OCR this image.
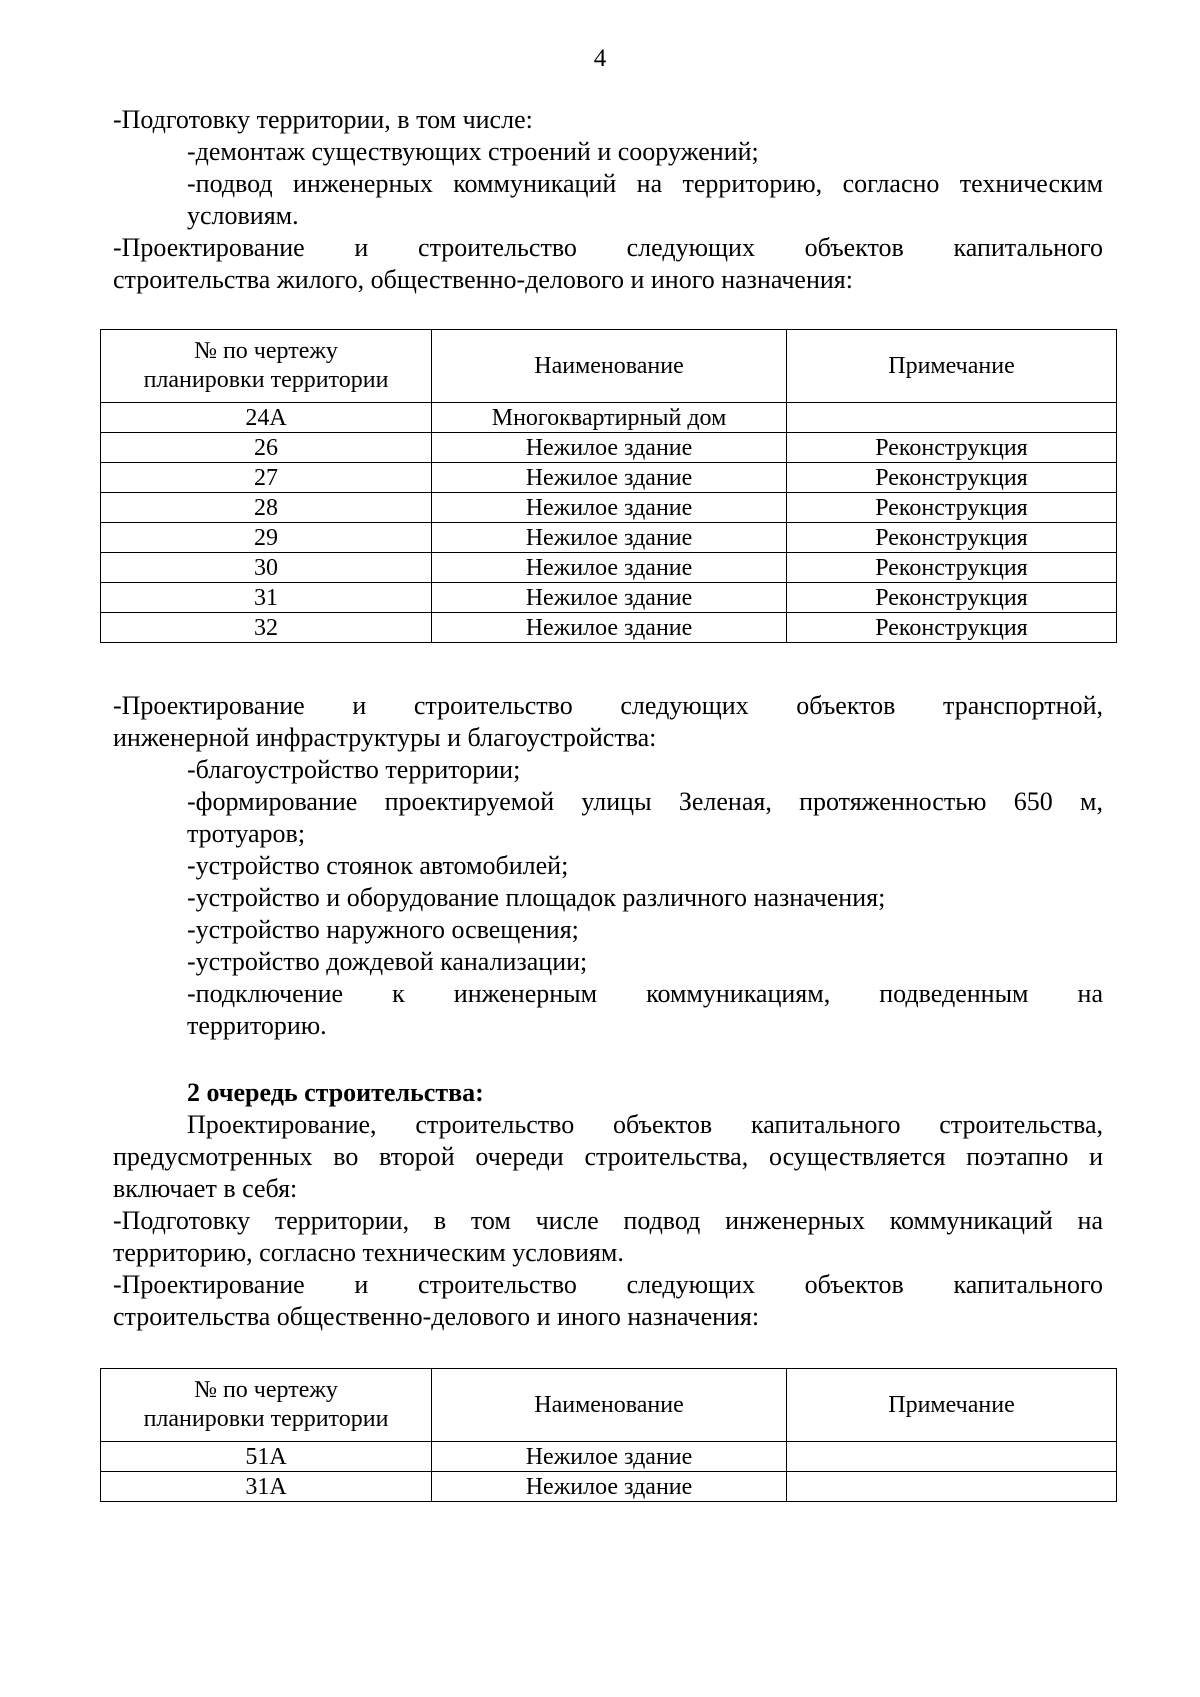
4

-Подготовку территории, в том числе:

-демонтаж существующих строений и сооружений;

-подвод инженерных коммуникаций на территорию, согласно техническим

условиям.

-Проектирование и строительство следующих объектов капитального

строительства жилого, общественно-делового и иного назначения:

№ по чертежу
планировки территории	Наименование	Примечание
24А	Многоквартирный дом	
26	Нежилое здание	Реконструкция
27	Нежилое здание	Реконструкция
28	Нежилое здание	Реконструкция
29	Нежилое здание	Реконструкция
30	Нежилое здание	Реконструкция
31	Нежилое здание	Реконструкция
32	Нежилое здание	Реконструкция

-Проектирование и строительство следующих объектов транспортной,

инженерной инфраструктуры и благоустройства:

-благоустройство территории;

-формирование проектируемой улицы Зеленая, протяженностью 650 м,

тротуаров;

-устройство стоянок автомобилей;

-устройство и оборудование площадок различного назначения;

-устройство наружного освещения;

-устройство дождевой канализации;

-подключение к инженерным коммуникациям, подведенным на

территорию.

2 очередь строительства:

Проектирование, строительство объектов капитального строительства,

предусмотренных во второй очереди строительства, осуществляется поэтапно и

включает в себя:

-Подготовку территории, в том числе подвод инженерных коммуникаций на

территорию, согласно техническим условиям.

-Проектирование и строительство следующих объектов капитального

строительства общественно-делового и иного назначения:

№ по чертежу
планировки территории	Наименование	Примечание
51А	Нежилое здание	
31А	Нежилое здание	
